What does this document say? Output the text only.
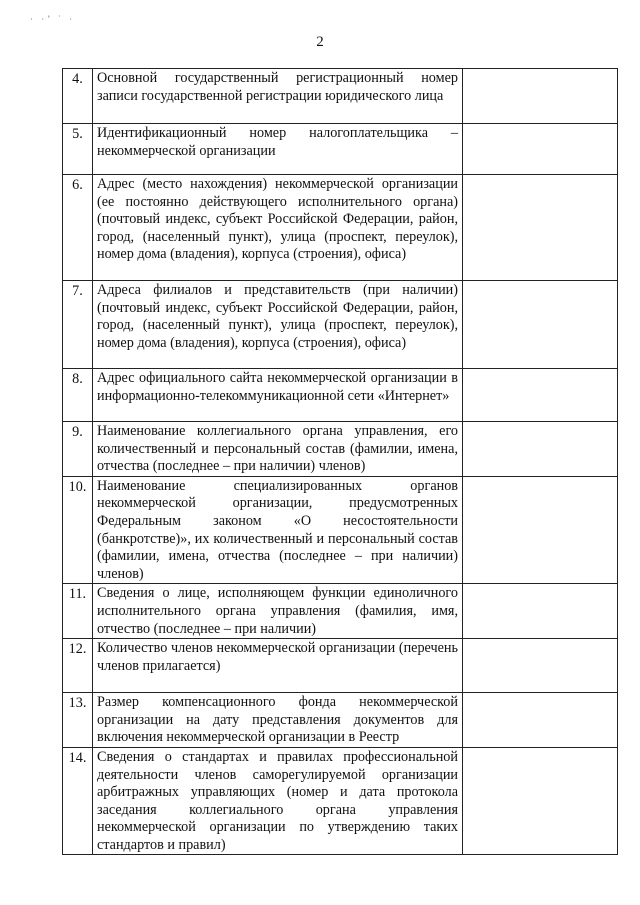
· ·’ ˙ ·
2
4.	Основной государственный регистрационный номер записи государственной регистрации юридического лица	
5.	Идентификационный номер налогоплательщика – некоммерческой организации	
6.	Адрес (место нахождения) некоммерческой организации (ее постоянно действующего исполнительного органа) (почтовый индекс, субъект Российской Федерации, район, город, (населенный пункт), улица (проспект, переулок), номер дома (владения), корпуса (строения), офиса)	
7.	Адреса филиалов и представительств (при наличии) (почтовый индекс, субъект Российской Федерации, район, город, (населенный пункт), улица (проспект, переулок), номер дома (владения), корпуса (строения), офиса)	
8.	Адрес официального сайта некоммерческой организации в информационно-телекоммуникационной сети «Интернет»	
9.	Наименование коллегиального органа управления, его количественный и персональный состав (фамилии, имена, отчества (последнее – при наличии) членов)	
10.	Наименование специализированных органов некоммерческой организации, предусмотренных Федеральным законом «О несостоятельности (банкротстве)», их количественный и персональный состав (фамилии, имена, отчества (последнее – при наличии) членов)	
11.	Сведения о лице, исполняющем функции единоличного исполнительного органа управления (фамилия, имя, отчество (последнее – при наличии)	
12.	Количество членов некоммерческой организации (перечень членов прилагается)	
13.	Размер компенсационного фонда некоммерческой организации на дату представления документов для включения некоммерческой организации в Реестр	
14.	Сведения о стандартах и правилах профессиональной деятельности членов саморегулируемой организации арбитражных управляющих (номер и дата протокола заседания коллегиального органа управления некоммерческой организации по утверждению таких стандартов и правил)	
